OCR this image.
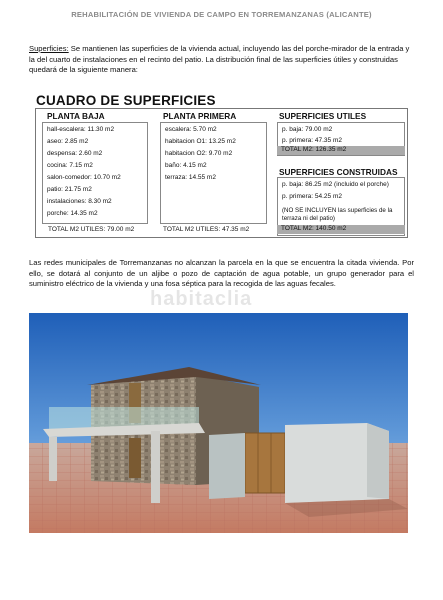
REHABILITACIÓN DE VIVIENDA DE CAMPO EN TORREMANZANAS (ALICANTE)
Superficies: Se mantienen las superficies de la vivienda actual, incluyendo las del porche-mirador de la entrada y la del cuarto de instalaciones en el recinto del patio. La distribución final de las superficies útiles y construidas quedará de la siguiente manera:
CUADRO DE SUPERFICIES
PLANTA BAJA
hall-escalera: 11.30 m2
aseo: 2.85 m2
despensa: 2.60 m2
cocina: 7.15 m2
salon-comedor: 10.70 m2
patio: 21.75 m2
instalaciones: 8.30 m2
porche: 14.35 m2
TOTAL M2 UTILES: 79.00 m2
PLANTA PRIMERA
escalera: 5.70 m2
habitacion O1: 13.25 m2
habitacion O2: 9.70 m2
baño: 4.15 m2
terraza: 14.55 m2
TOTAL M2 UTILES: 47.35 m2
SUPERFICIES UTILES
p. baja: 79.00 m2
p. primera: 47.35 m2
TOTAL M2: 126.35 m2
SUPERFICIES CONSTRUIDAS
p. baja: 86.25 m2 (incluido el porche)
p. primera: 54.25 m2
(NO SE INCLUYEN las superficies de la terraza ni del patio)
TOTAL M2: 140.50 m2
Las redes municipales de Torremanzanas no alcanzan la parcela en la que se encuentra la citada vivienda. Por ello, se dotará al conjunto de un aljibe o pozo de captación de agua potable, un grupo generador para el suministro eléctrico de la vivienda y una fosa séptica para la recogida de las aguas fecales.
habitaclia
